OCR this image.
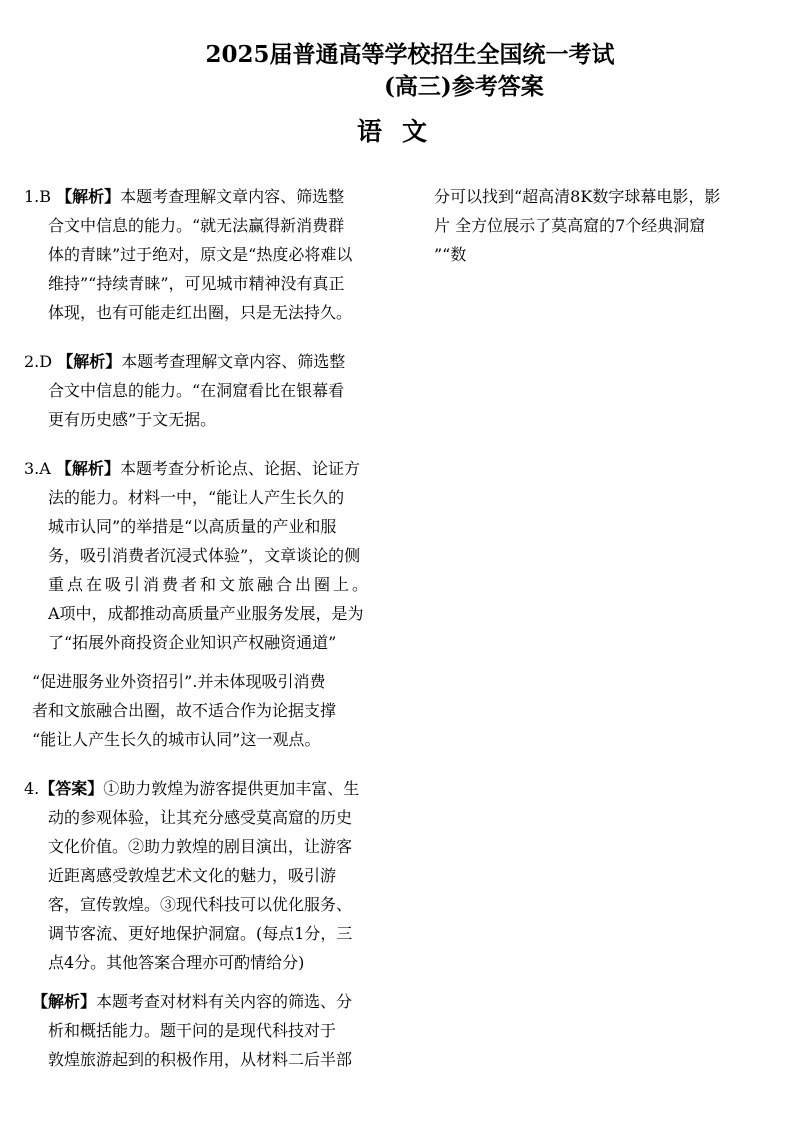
2025届普通高等学校招生全国统一考试
(高三)参考答案
语文
1.B 【解析】本题考查理解文章内容、筛选整
合文中信息的能力。“就无法赢得新消费群
体的青睐”过于绝对，原文是“热度必将难以
维持”“持续青睐”，可见城市精神没有真正
体现，也有可能走红出圈，只是无法持久。
2.D 【解析】本题考查理解文章内容、筛选整
合文中信息的能力。“在洞窟看比在银幕看
更有历史感”于文无据。
3.A 【解析】本题考查分析论点、论据、论证方
法的能力。材料一中，“能让人产生长久的
城市认同”的举措是“以高质量的产业和服
务，吸引消费者沉浸式体验”，文章谈论的侧
重点在吸引消费者和文旅融合出圈上。
A项中，成都推动高质量产业服务发展，是为
了“拓展外商投资企业知识产权融资通道”
“促进服务业外资招引”.并未体现吸引消费
者和文旅融合出圈，故不适合作为论据支撑
“能让人产生长久的城市认同”这一观点。
4.【答案】①助力敦煌为游客提供更加丰富、生
动的参观体验，让其充分感受莫高窟的历史
文化价值。②助力敦煌的剧目演出，让游客
近距离感受敦煌艺术文化的魅力，吸引游
客，宣传敦煌。③现代科技可以优化服务、
调节客流、更好地保护洞窟。(每点1分，三
点4分。其他答案合理亦可酌情给分)
【解析】本题考查对材料有关内容的筛选、分
析和概括能力。题干问的是现代科技对于
敦煌旅游起到的积极作用，从材料二后半部
分可以找到“超高清8K数字球幕电影，影
片 全方位展示了莫高窟的7个经典洞窟
”“数
